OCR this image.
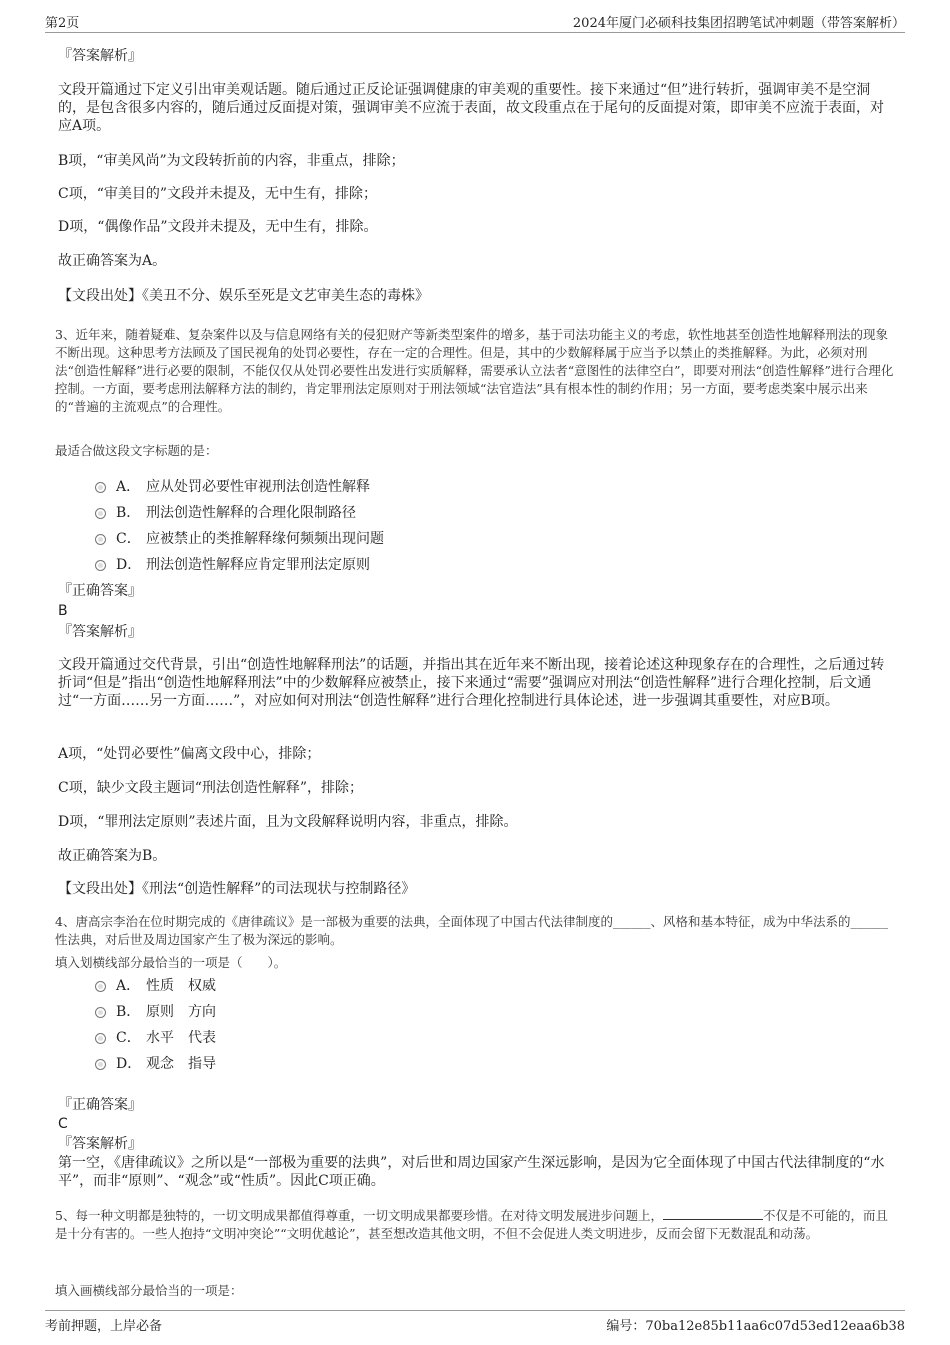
第2页	2024年厦门必硕科技集团招聘笔试冲刺题（带答案解析）
『答案解析』
文段开篇通过下定义引出审美观话题。随后通过正反论证强调健康的审美观的重要性。接下来通过“但”进行转折，强调审美不是空洞的，是包含很多内容的，随后通过反面提对策，强调审美不应流于表面，故文段重点在于尾句的反面提对策，即审美不应流于表面，对应A项。
B项，“审美风尚”为文段转折前的内容，非重点，排除；
C项，“审美目的”文段并未提及，无中生有，排除；
D项，“偶像作品”文段并未提及，无中生有，排除。
故正确答案为A。
【文段出处】《美丑不分、娱乐至死是文艺审美生态的毒株》
3、近年来，随着疑难、复杂案件以及与信息网络有关的侵犯财产等新类型案件的增多，基于司法功能主义的考虑，软性地甚至创造性地解释刑法的现象不断出现。这种思考方法顾及了国民视角的处罚必要性，存在一定的合理性。但是，其中的少数解释属于应当予以禁止的类推解释。为此，必须对刑法“创造性解释”进行必要的限制，不能仅仅从处罚必要性出发进行实质解释，需要承认立法者“意图性的法律空白”，即要对刑法“创造性解释”进行合理化控制。一方面，要考虑刑法解释方法的制约，肯定罪刑法定原则对于刑法领域“法官造法”具有根本性的制约作用；另一方面，要考虑类案中展示出来的“普遍的主流观点”的合理性。
最适合做这段文字标题的是：
A． 应从处罚必要性审视刑法创造性解释
B． 刑法创造性解释的合理化限制路径
C． 应被禁止的类推解释缘何频频出现问题
D． 刑法创造性解释应肯定罪刑法定原则
『正确答案』
B
『答案解析』
文段开篇通过交代背景，引出“创造性地解释刑法”的话题，并指出其在近年来不断出现，接着论述这种现象存在的合理性，之后通过转折词“但是”指出“创造性地解释刑法”中的少数解释应被禁止，接下来通过“需要”强调应对刑法“创造性解释”进行合理化控制，后文通过“一方面……另一方面……”，对应如何对刑法“创造性解释”进行合理化控制进行具体论述，进一步强调其重要性，对应B项。
A项，“处罚必要性”偏离文段中心，排除；
C项，缺少文段主题词“刑法创造性解释”，排除；
D项，“罪刑法定原则”表述片面，且为文段解释说明内容，非重点，排除。
故正确答案为B。
【文段出处】《刑法“创造性解释”的司法现状与控制路径》
4、唐高宗李治在位时期完成的《唐律疏议》是一部极为重要的法典，全面体现了中国古代法律制度的______、风格和基本特征，成为中华法系的______性法典，对后世及周边国家产生了极为深远的影响。
填入划横线部分最恰当的一项是（　　）。
A． 性质 权威
B． 原则 方向
C． 水平 代表
D． 观念 指导
『正确答案』
C
『答案解析』
第一空，《唐律疏议》之所以是“一部极为重要的法典”，对后世和周边国家产生深远影响，是因为它全面体现了中国古代法律制度的“水平”，而非“原则”、“观念”或“性质”。因此C项正确。
5、每一种文明都是独特的，一切文明成果都值得尊重，一切文明成果都要珍惜。在对待文明发展进步问题上，	不仅是不可能的，而且是十分有害的。一些人抱持“文明冲突论”“文明优越论”，甚至想改造其他文明，不但不会促进人类文明进步，反而会留下无数混乱和动荡。
填入画横线部分最恰当的一项是：
考前押题，上岸必备	编号：70ba12e85b11aa6c07d53ed12eaa6b38
